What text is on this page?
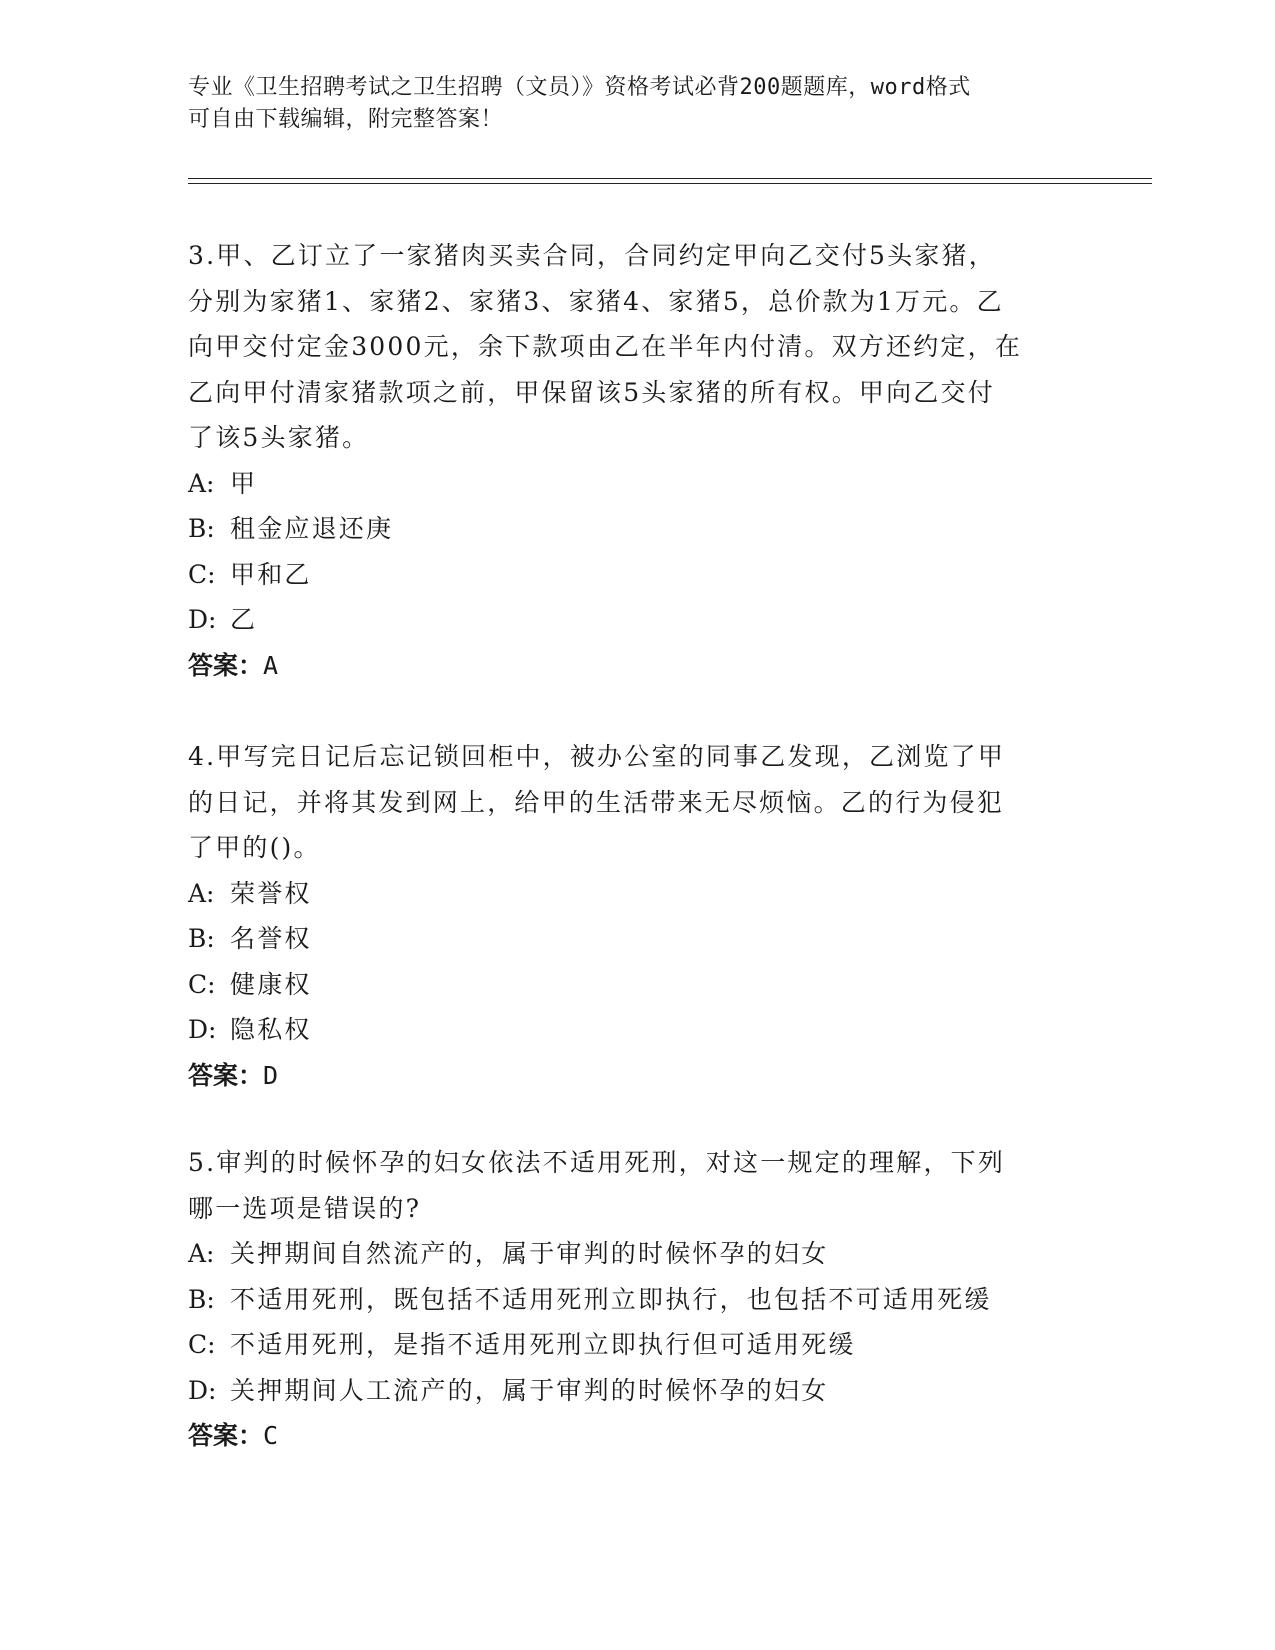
专业《卫生招聘考试之卫生招聘（文员）》资格考试必背200题题库，word格式
可自由下载编辑，附完整答案！

3.甲、乙订立了一家猪肉买卖合同，合同约定甲向乙交付5头家猪，

分别为家猪1、家猪2、家猪3、家猪4、家猪5，总价款为1万元。乙

向甲交付定金3000元，余下款项由乙在半年内付清。双方还约定，在

乙向甲付清家猪款项之前，甲保留该5头家猪的所有权。甲向乙交付

了该5头家猪。

A: 甲

B: 租金应退还庚

C: 甲和乙

D: 乙

答案：A

4.甲写完日记后忘记锁回柜中，被办公室的同事乙发现，乙浏览了甲

的日记，并将其发到网上，给甲的生活带来无尽烦恼。乙的行为侵犯

了甲的()。

A: 荣誉权

B: 名誉权

C: 健康权

D: 隐私权

答案：D

5.审判的时候怀孕的妇女依法不适用死刑，对这一规定的理解，下列

哪一选项是错误的?

A: 关押期间自然流产的，属于审判的时候怀孕的妇女

B: 不适用死刑，既包括不适用死刑立即执行，也包括不可适用死缓

C: 不适用死刑，是指不适用死刑立即执行但可适用死缓

D: 关押期间人工流产的，属于审判的时候怀孕的妇女

答案：C
